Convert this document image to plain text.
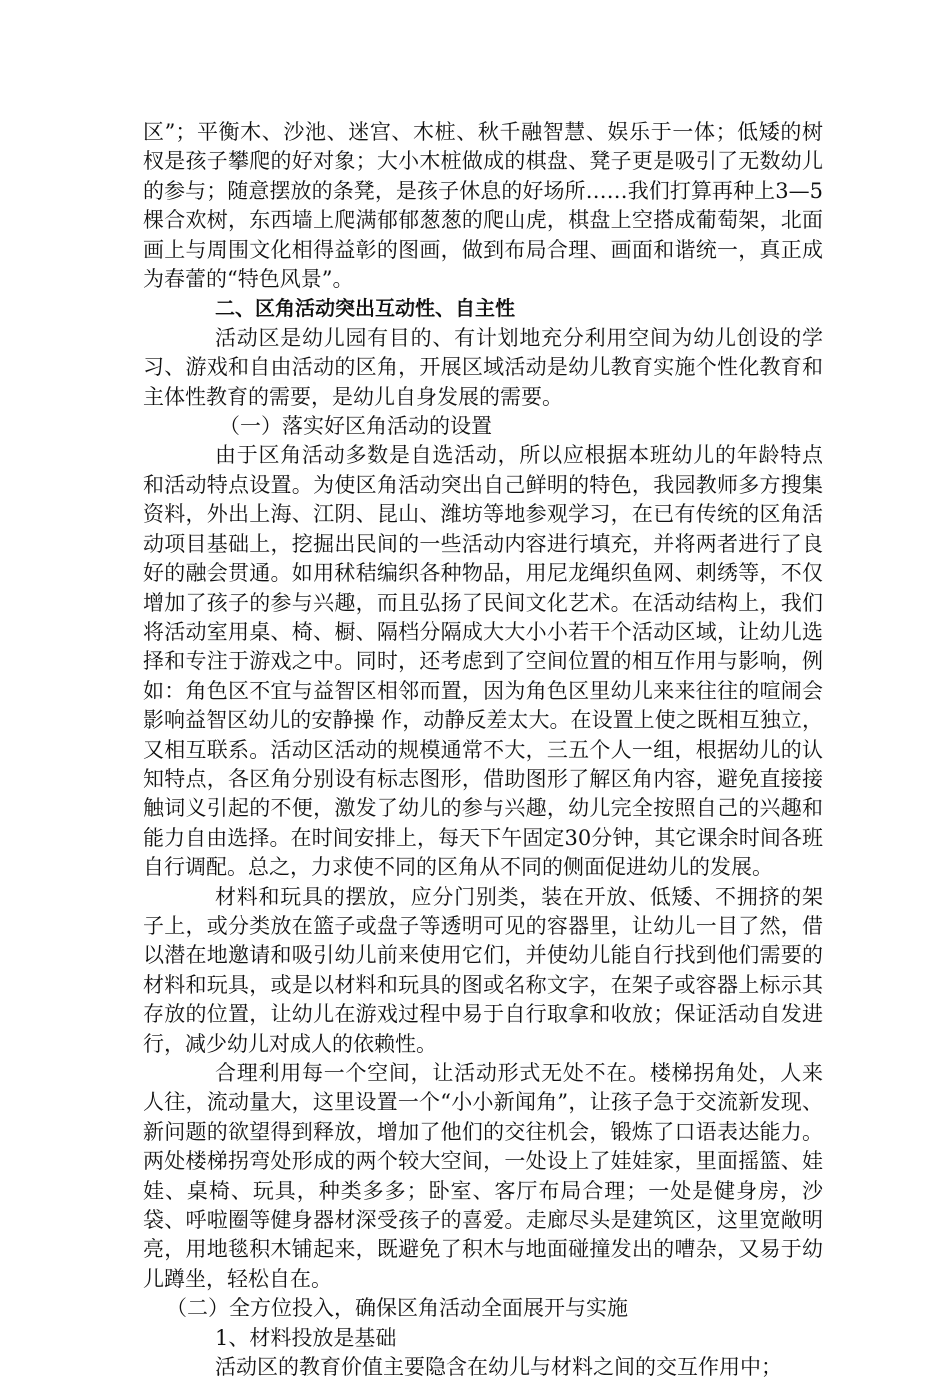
区”；平衡木、沙池、迷宫、木桩、秋千融智慧、娱乐于一体；低矮的树杈是孩子攀爬的好对象；大小木桩做成的棋盘、凳子更是吸引了无数幼儿的参与；随意摆放的条凳，是孩子休息的好场所……我们打算再种上3—5棵合欢树，东西墙上爬满郁郁葱葱的爬山虎，棋盘上空搭成葡萄架，北面画上与周围文化相得益彰的图画，做到布局合理、画面和谐统一，真正成为春蕾的“特色风景”。

二、区角活动突出互动性、自主性

活动区是幼儿园有目的、有计划地充分利用空间为幼儿创设的学习、游戏和自由活动的区角，开展区域活动是幼儿教育实施个性化教育和主体性教育的需要，是幼儿自身发展的需要。

（一）落实好区角活动的设置

由于区角活动多数是自选活动，所以应根据本班幼儿的年龄特点和活动特点设置。为使区角活动突出自己鲜明的特色，我园教师多方搜集资料，外出上海、江阴、昆山、潍坊等地参观学习，在已有传统的区角活动项目基础上，挖掘出民间的一些活动内容进行填充，并将两者进行了良好的融会贯通。如用秫秸编织各种物品，用尼龙绳织鱼网、刺绣等，不仅增加了孩子的参与兴趣，而且弘扬了民间文化艺术。在活动结构上，我们将活动室用桌、椅、橱、隔档分隔成大大小小若干个活动区域，让幼儿选择和专注于游戏之中。同时，还考虑到了空间位置的相互作用与影响，例如：角色区不宜与益智区相邻而置，因为角色区里幼儿来来往往的喧闹会影响益智区幼儿的安静操 作，动静反差太大。在设置上使之既相互独立，又相互联系。活动区活动的规模通常不大，三五个人一组，根据幼儿的认知特点，各区角分别设有标志图形，借助图形了解区角内容，避免直接接触词义引起的不便，激发了幼儿的参与兴趣，幼儿完全按照自己的兴趣和能力自由选择。在时间安排上，每天下午固定30分钟，其它课余时间各班自行调配。总之，力求使不同的区角从不同的侧面促进幼儿的发展。

材料和玩具的摆放，应分门别类，装在开放、低矮、不拥挤的架子上，或分类放在篮子或盘子等透明可见的容器里，让幼儿一目了然，借以潜在地邀请和吸引幼儿前来使用它们，并使幼儿能自行找到他们需要的材料和玩具，或是以材料和玩具的图或名称文字，在架子或容器上标示其存放的位置，让幼儿在游戏过程中易于自行取拿和收放；保证活动自发进行，减少幼儿对成人的依赖性。

合理利用每一个空间，让活动形式无处不在。楼梯拐角处，人来人往，流动量大，这里设置一个“小小新闻角”，让孩子急于交流新发现、新问题的欲望得到释放，增加了他们的交往机会，锻炼了口语表达能力。两处楼梯拐弯处形成的两个较大空间，一处设上了娃娃家，里面摇篮、娃娃、桌椅、玩具，种类多多；卧室、客厅布局合理；一处是健身房，沙袋、呼啦圈等健身器材深受孩子的喜爱。走廊尽头是建筑区，这里宽敞明亮，用地毯积木铺起来，既避免了积木与地面碰撞发出的嘈杂，又易于幼儿蹲坐，轻松自在。

（二）全方位投入，确保区角活动全面展开与实施

1、材料投放是基础

活动区的教育价值主要隐含在幼儿与材料之间的交互作用中；
